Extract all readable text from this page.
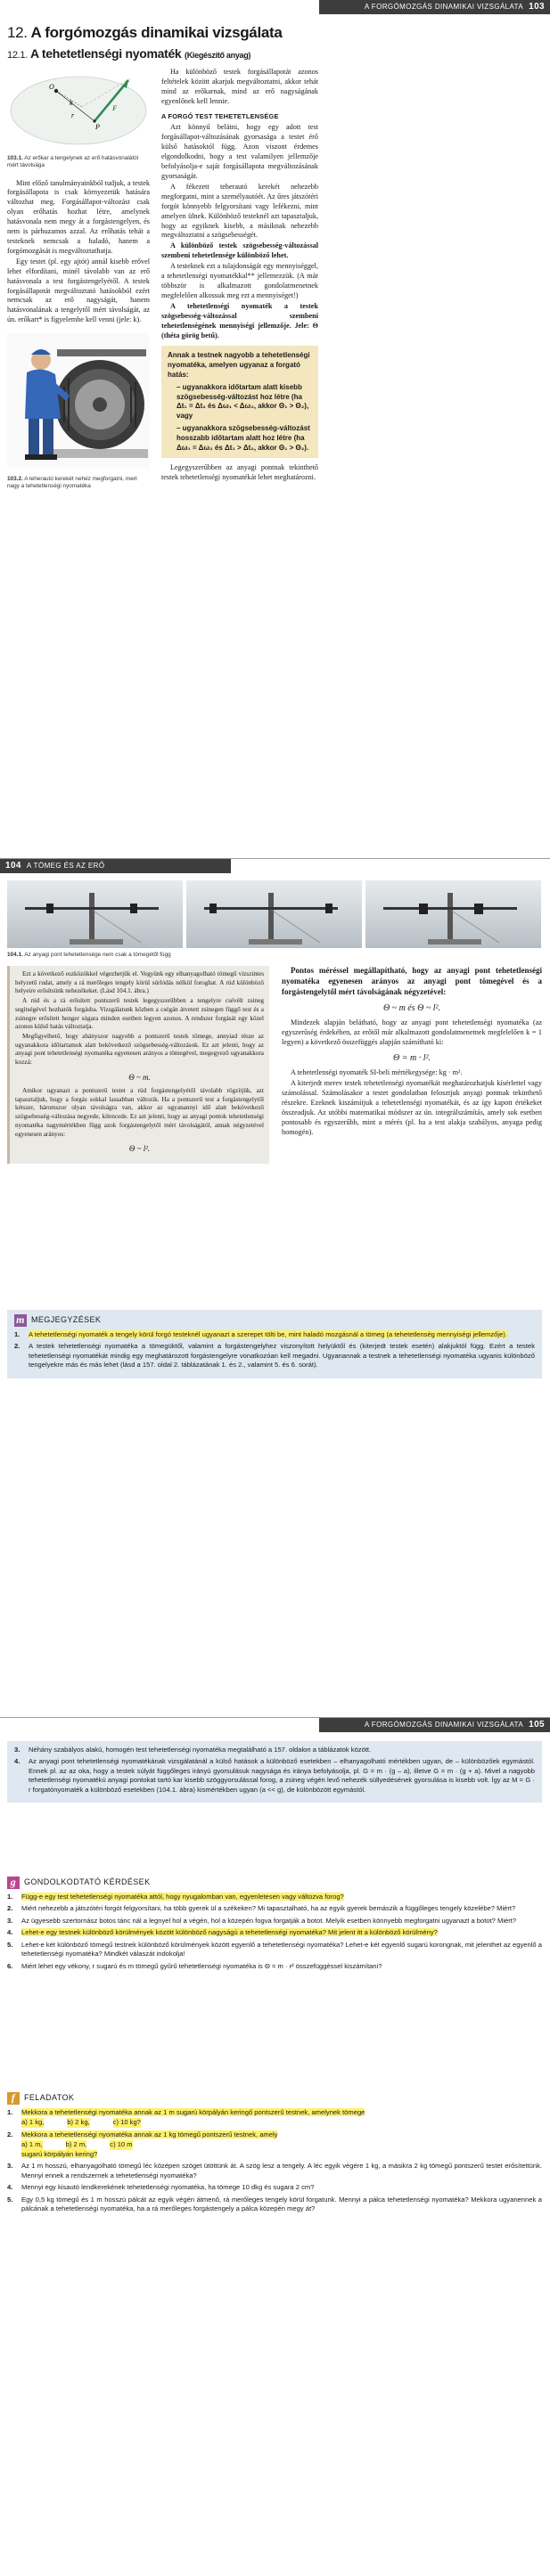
A FORGÓMOZGÁS DINAMIKAI VIZSGÁLATA 103
12. A forgómozgás dinamikai vizsgálata
12.1. A tehetetlenségi nyomaték (Kiegészítő anyag)
O
k
r
P
F
103.1. Az erőkar a tengelynek az erő hatásvonalától mért távolsága

Mint előző tanulmányainkból tudjuk, a testek forgásállapota is csak környezetük hatására változhat meg. Forgásállapot-változást csak olyan erőhatás hozhat létre, amelynek hatásvonala nem megy át a forgástengelyen, és nem is párhuzamos azzal. Az erőhatás tehát a testeknek nemcsak a haladó, hanem a forgómozgását is megváltoztathatja.

Egy testet (pl. egy ajtót) annál kisebb erővel lehet elfordítani, minél távolabb van az erő hatásvonala a test forgástengelyétől. A testek forgásállapotát megváltoztató hatásokból ezért nemcsak az erő nagyságát, hanem hatásvonalának a tengelytől mért távolságát, az ún. erőkart* is figyelembe kell venni (jele: k).

103.2. A teherautó kerekét nehéz megforgatni, mert nagy a tehetetlenségi nyomatéka

Ha különböző testek forgásállapotát azonos feltételek között akarjuk megváltoztatni, akkor tehát mind az erőkarnak, mind az erő nagyságának egyenlőnek kell lennie.

A FORGÓ TEST TEHETETLENSÉGE

Azt könnyű belátni, hogy egy adott test forgásállapot-változásának gyorsasága a testet érő külső hatásoktól függ. Azon viszont érdemes elgondolkodni, hogy a test valamilyen jellemzője befolyásolja-e saját forgásállapota megváltozásának gyorsaságát.

A fékezett teherautó kerekét nehezebb megforgatni, mint a személyautóét. Az űres játszótéri forgót könnyebb felgyorsítani vagy lefékezni, mint amelyen ülnek. Különböző testeknél azt tapasztaljuk, hogy az egyiknek kisebb, a másiknak nehezebb megváltoztatni a szögsebességét.

A különböző testek szögsebesség-változással szembeni tehetetlensége különböző lehet.

A testeknek ezt a tulajdonságát egy mennyiséggel, a tehetetlenségi nyomatékkal** jellemezzük. (A már többször is alkalmazott gondolatmenetnek megfelelően alkossuk meg ezt a mennyiséget!)

A tehetetlenségi nyomaték a testek szögsebesség-változással szembeni tehetetlenségének mennyiségi jellemzője. Jele: Θ (théta görög betű).

Annak a testnek nagyobb a tehetetlenségi nyomatéka, amelyen ugyanaz a forgató hatás:
– ugyanakkora időtartam alatt kisebb szögsebesség-változást hoz létre (ha Δt₁ = Δt₂ és Δω₁ < Δω₂, akkor Θ₁ > Θ₂), vagy
– ugyanakkora szögsebesség-változást hosszabb időtartam alatt hoz létre (ha Δω₁ = Δω₂ és Δt₁ > Δt₂, akkor Θ₁ > Θ₂).

Legegyszerűbben az anyagi pontnak tekinthető testek tehetetlenségi nyomatékát lehet meghatározni.

104 A TÖMEG ÉS AZ ERŐ
104.1. Az anyagi pont tehetetlensége nem csak a tömegétől függ

Ezt a következő eszközökkel végezhetjük el. Vegyünk egy elhanyagolható tömegű vízszintes helyzetű rudat, amely a rá merőleges tengely körül súrlódás nélkül foroghat. A rúd különböző helyeire erősítsünk nehezékeket. (Lásd 104.1. ábra.)

A rúd és a rá erősített pontszerű testek legegyszerűbben a tengelyre csévélt zsineg segítségével hozhatók forgásba. Vizsgálatunk közben a cségán átvetett zsinegen függő test és a zsinegre erősített henger súgara minden esetben legyen azonos. A rendszer forgását egy közel azonos külső hatás változtatja.

Megfigyelhető, hogy ahányszor nagyobb a pontszerű testek tömege, annyiad része az ugyanakkora időtartamok alatt bekövetkező szögsebesség-változások. Ez azt jelenti, hogy az anyagi pont tehetetlenségi nyomatéka egyenesen arányos a tömegével, megegyező ugyanakkora kozzá:

Θ ~ m.

Amikor ugyanazt a pontszerű testet a rúd forgástengelyétől távolabb rögzítjük, azt tapasztaljuk, hogy a forgás sokkal lassabban változik. Ha a pontszerű test a forgástengelytől kétszer, háromszor olyan távolságra van, akkor az ugyanannyi idő alatt bekövetkező szögsebesség-változása negyede, kilencede. Ez azt jelenti, hogy az anyagi pontok tehetetlenségi nyomatéka nagymértékben függ azok forgástengelytől mért távolságától, annak négyzetével egyenesen arányos:

Θ ~ l².

Pontos méréssel megállapítható, hogy az anyagi pont tehetetlenségi nyomatéka egyenesen arányos az anyagi pont tömegével és a forgástengelytől mért távolságának négyzetével:

Θ ~ m és Θ ~ l².

Mindezek alapján belátható, hogy az anyagi pont tehetetlenségi nyomatéka (az egyszerűség érdekében, az erőtől már alkalmazott gondolatmenetnek megfelelően k = 1 legyen) a következő összefüggés alapján számítható ki:

Θ = m · l².

A tehetetlenségi nyomaték SI-beli mértékegysége: kg · m².

A kiterjedt merev testek tehetetlenségi nyomatékát meghatározhatjuk kísérlettel vagy számolással. Számolásakor a testet gondolatban felosztjuk anyagi pontnak tekinthető részekre. Ezeknek kiszámítjuk a tehetetlenségi nyomatékát, és az így kapott értékeket összeadjuk. Az utóbbi matematikai módszer az ún. integrálszámítás, amely sok esetben pontosabb és egyszerűbb, mint a mérés (pl. ha a test alakja szabályos, anyaga pedig homogén).

m MEGJEGYZÉSEK
1.	A tehetetlenségi nyomaték a tengely körül forgó testeknél ugyanazt a szerepet tölti be, mint haladó mozgásnál a tömeg (a tehetetlenség mennyiségi jellemzője).
2.	A testek tehetetlenségi nyomatéka a tömegüktől, valamint a forgástengelyhez viszonyított helyüktől és (kiterjedt testek esetén) alakjuktól függ. Ezért a testek tehetetlenségi nyomatékát mindig egy meghatározott forgástengelyre vonatkozóan kell megadni. Ugyanannak a testnek a tehetetlenségi nyomatéka ugyanis különböző tengelyekre más és más lehet (lásd a 157. oldal 2. táblázatának 1. és 2., valamint 5. és 6. sorát).
A FORGÓMOZGÁS DINAMIKAI VIZSGÁLATA 105
3.	Néhány szabályos alakú, homogén test tehetetlenségi nyomatéka megtalálható a 157. oldalon a táblázatok között.
4.	Az anyagi pont tehetetlenségi nyomatékának vizsgálatánál a külső hatások a különböző esetekben – elhanyagolható mértékben ugyan, de – különbözőek egymástól. Ennek pl. az az oka, hogy a testek súlyát függőleges irányú gyorsulásuk nagysága és iránya befolyásolja, pl. G = m · (g – a), illetve G = m · (g + a). Mivel a nagyobb tehetetlenségi nyomatékú anyagi pontokat tartó kar kisebb szöggyorsulással forog, a zsineg végén levő nehezék süllyedésének gyorsulása is kisebb volt. Így az M = G · r forgatónyomaték a különböző esetekben (104.1. ábra) kismértékben ugyan (a << g), de különbözött egymástól.
g GONDOLKODTATÓ KÉRDÉSEK
1.	Függ-e egy test tehetetlenségi nyomatéka attól, hogy nyugalomban van, egyenletesen vagy változva forog?
2.	Miért nehezebb a játszótéri forgót felgyorsítani, ha több gyerek ül a székeken? Mi tapasztalható, ha az egyik gyerek bemászik a függőleges tengely közelébe? Miért?
3.	Az ügyesebb szertornász botos tánc nál a legnyel hol a végén, hol a közepén fogva forgatják a botot. Melyik esetben könnyebb megforgatni ugyanazt a botot? Miért?
4.	Lehet-e egy testnek különböző körülmények között különböző nagyságú a tehetetlenségi nyomatéka? Mit jelent itt a különböző körülmény?
5.	Lehet-e két különböző tömegű testnek különböző körülmények között egyenlő a tehetetlenségi nyomatéka? Lehet-e két egyenlő sugarú korongnak, mit jelenthet az egyenlő a tehetetlenségi nyomatéka? Mindkét válaszát indokolja!
6.	Miért lehet egy vékony, r sugarú és m tömegű gyűrű tehetetlenségi nyomatéka is Θ = m · r² összefüggéssel kiszámítani?
f	FELADATOK
1.	Mekkora a tehetetlenségi nyomatéka annak az 1 m sugarú körpályán keringő pontszerű testnek, amelynek tömege
a) 1 kg,	b) 2 kg,	c) 10 kg?
2.	Mekkora a tehetetlenségi nyomatéka annak az 1 kg tömegű pontszerű testnek, amely
a) 1 m,	b) 2 m,	c) 10 m
sugarú körpályán kering?
3.	Az 1 m hosszú, elhanyagolható tömegű léc középen szöget ütöttünk át. A szög lesz a tengely. A léc egyik végére 1 kg, a másikra 2 kg tömegű pontszerű testet erősítettünk. Mennyi ennek a rendszernek a tehetetlenségi nyomatéka?
4.	Mennyi egy kisautó lendkerekének tehetetlenségi nyomatéka, ha tömege 10 dkg és sugara 2 cm?
5.	Egy 0,5 kg tömegű és 1 m hosszú pálcát az egyik végén átmenő, rá merőleges tengely körül forgatunk. Mennyi a pálca tehetetlenségi nyomatéka? Mekkora ugyanennek a pálcának a tehetetlenségi nyomatéka, ha a rá merőleges forgástengely a pálca közepén megy át?
